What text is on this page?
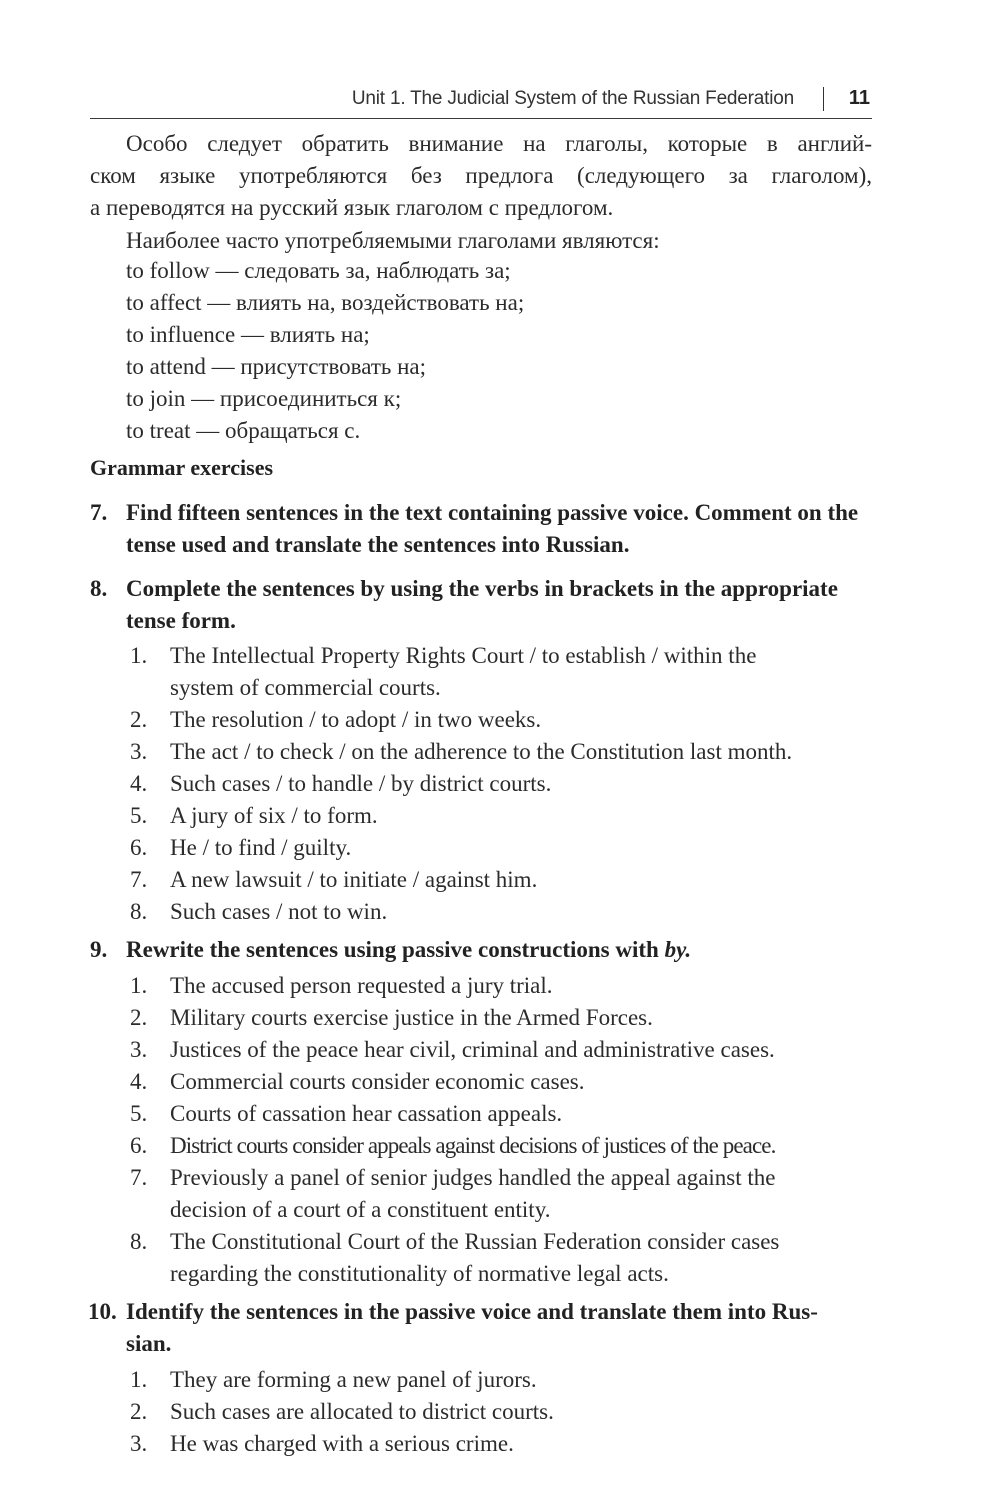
Unit 1. The Judicial System of the Russian Federation	11
Особо следует обратить внимание на глаголы, которые в англий-
ском языке употребляются без предлога (следующего за глаголом),
а переводятся на русский язык глаголом с предлогом.
Наиболее часто употребляемыми глаголами являются:
to follow — следовать за, наблюдать за;
to affect — влиять на, воздействовать на;
to influence — влиять на;
to attend — присутствовать на;
to join — присоединиться к;
to treat — обращаться с.
Grammar exercises
7. Find fifteen sentences in the text containing passive voice. Comment on the
tense used and translate the sentences into Russian.
8. Complete the sentences by using the verbs in brackets in the appropriate
tense form.
1. The Intellectual Property Rights Court / to establish / within the
system of commercial courts.
2. The resolution / to adopt / in two weeks.
3. The act / to check / on the adherence to the Constitution last month.
4. Such cases / to handle / by district courts.
5. A jury of six / to form.
6. He / to find / guilty.
7. A new lawsuit / to initiate / against him.
8. Such cases / not to win.
9. Rewrite the sentences using passive constructions with by.
1. The accused person requested a jury trial.
2. Military courts exercise justice in the Armed Forces.
3. Justices of the peace hear civil, criminal and administrative cases.
4. Commercial courts consider economic cases.
5. Courts of cassation hear cassation appeals.
6. District courts consider appeals against decisions of justices of the peace.
7. Previously a panel of senior judges handled the appeal against the
decision of a court of a constituent entity.
8. The Constitutional Court of the Russian Federation consider cases
regarding the constitutionality of normative legal acts.
10. Identify the sentences in the passive voice and translate them into Rus-
sian.
1. They are forming a new panel of jurors.
2. Such cases are allocated to district courts.
3. He was charged with a serious crime.
